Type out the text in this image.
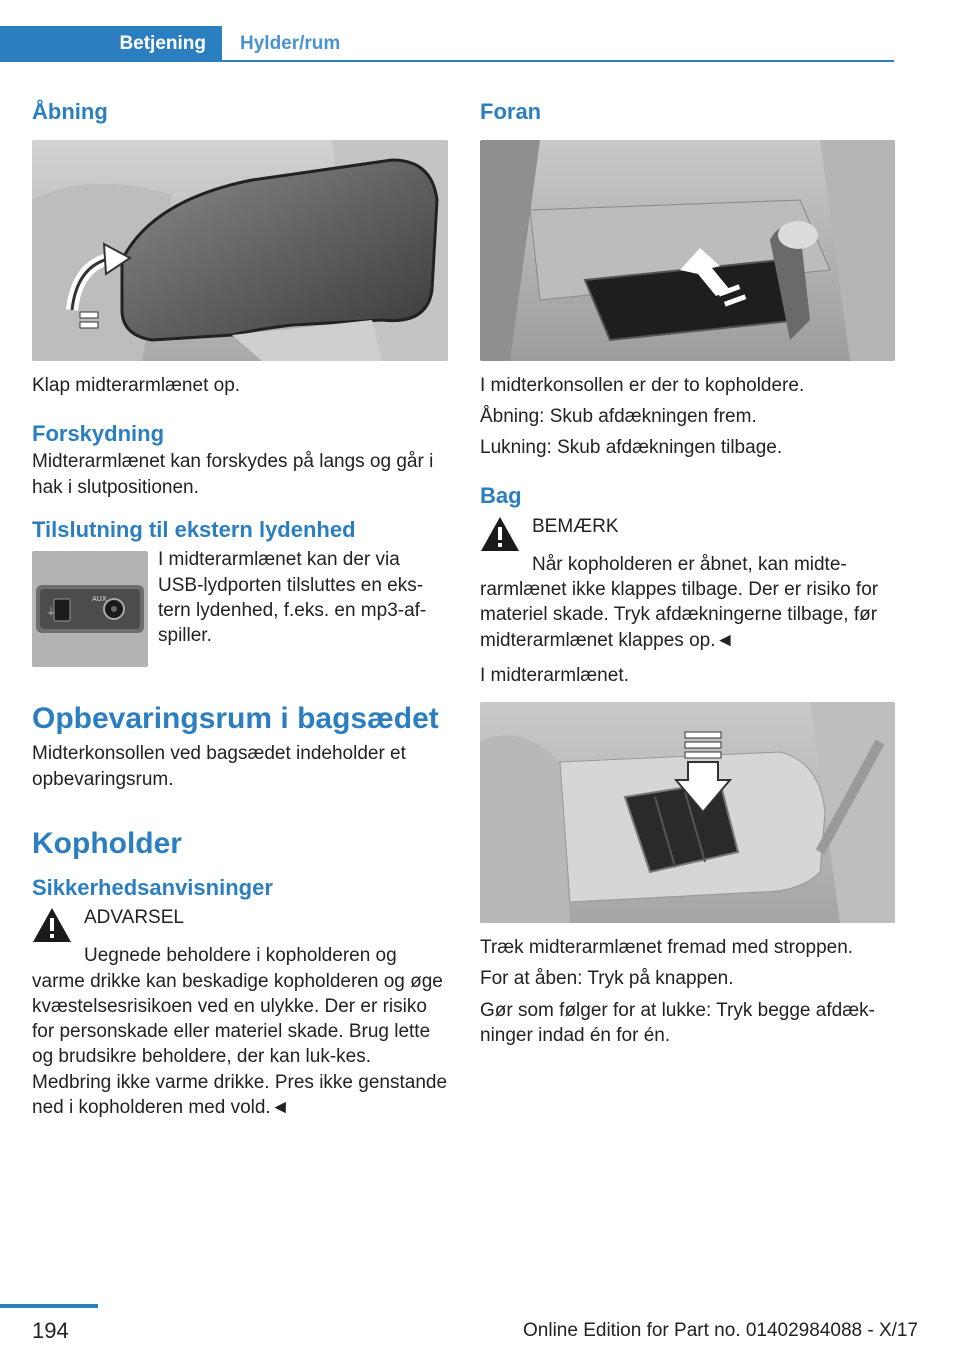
Betjening Hylder/rum
Åbning

Klap midterarmlænet op.

Forskydning

Midterarmlænet kan forskydes på langs og går i hak i slutpositionen.

Tilslutning til ekstern lydenhed
⏚
AUX

I midterarmlænet kan der via USB-lydporten tilsluttes en eks-tern lydenhed, f.eks. en mp3-af-spiller.

Opbevaringsrum i bagsædet

Midterkonsollen ved bagsædet indeholder et opbevaringsrum.

Kopholder
Sikkerhedsanvisninger

ADVARSEL

Uegnede beholdere i kopholderen og varme drikke kan beskadige kopholderen og øge kvæstelsesrisikoen ved en ulykke. Der er risiko for personskade eller materiel skade. Brug lette og brudsikre beholdere, der kan luk-kes. Medbring ikke varme drikke. Pres ikke genstande ned i kopholderen med vold.◄

Foran

I midterkonsollen er der to kopholdere.

Åbning: Skub afdækningen frem.

Lukning: Skub afdækningen tilbage.

Bag

BEMÆRK

Når kopholderen er åbnet, kan midte-rarmlænet ikke klappes tilbage. Der er risiko for materiel skade. Tryk afdækningerne tilbage, før midterarmlænet klappes op.◄

I midterarmlænet.

Træk midterarmlænet fremad med stroppen.

For at åben: Tryk på knappen.

Gør som følger for at lukke: Tryk begge afdæk-ninger indad én for én.

194	Online Edition for Part no. 01402984088 - X/17
